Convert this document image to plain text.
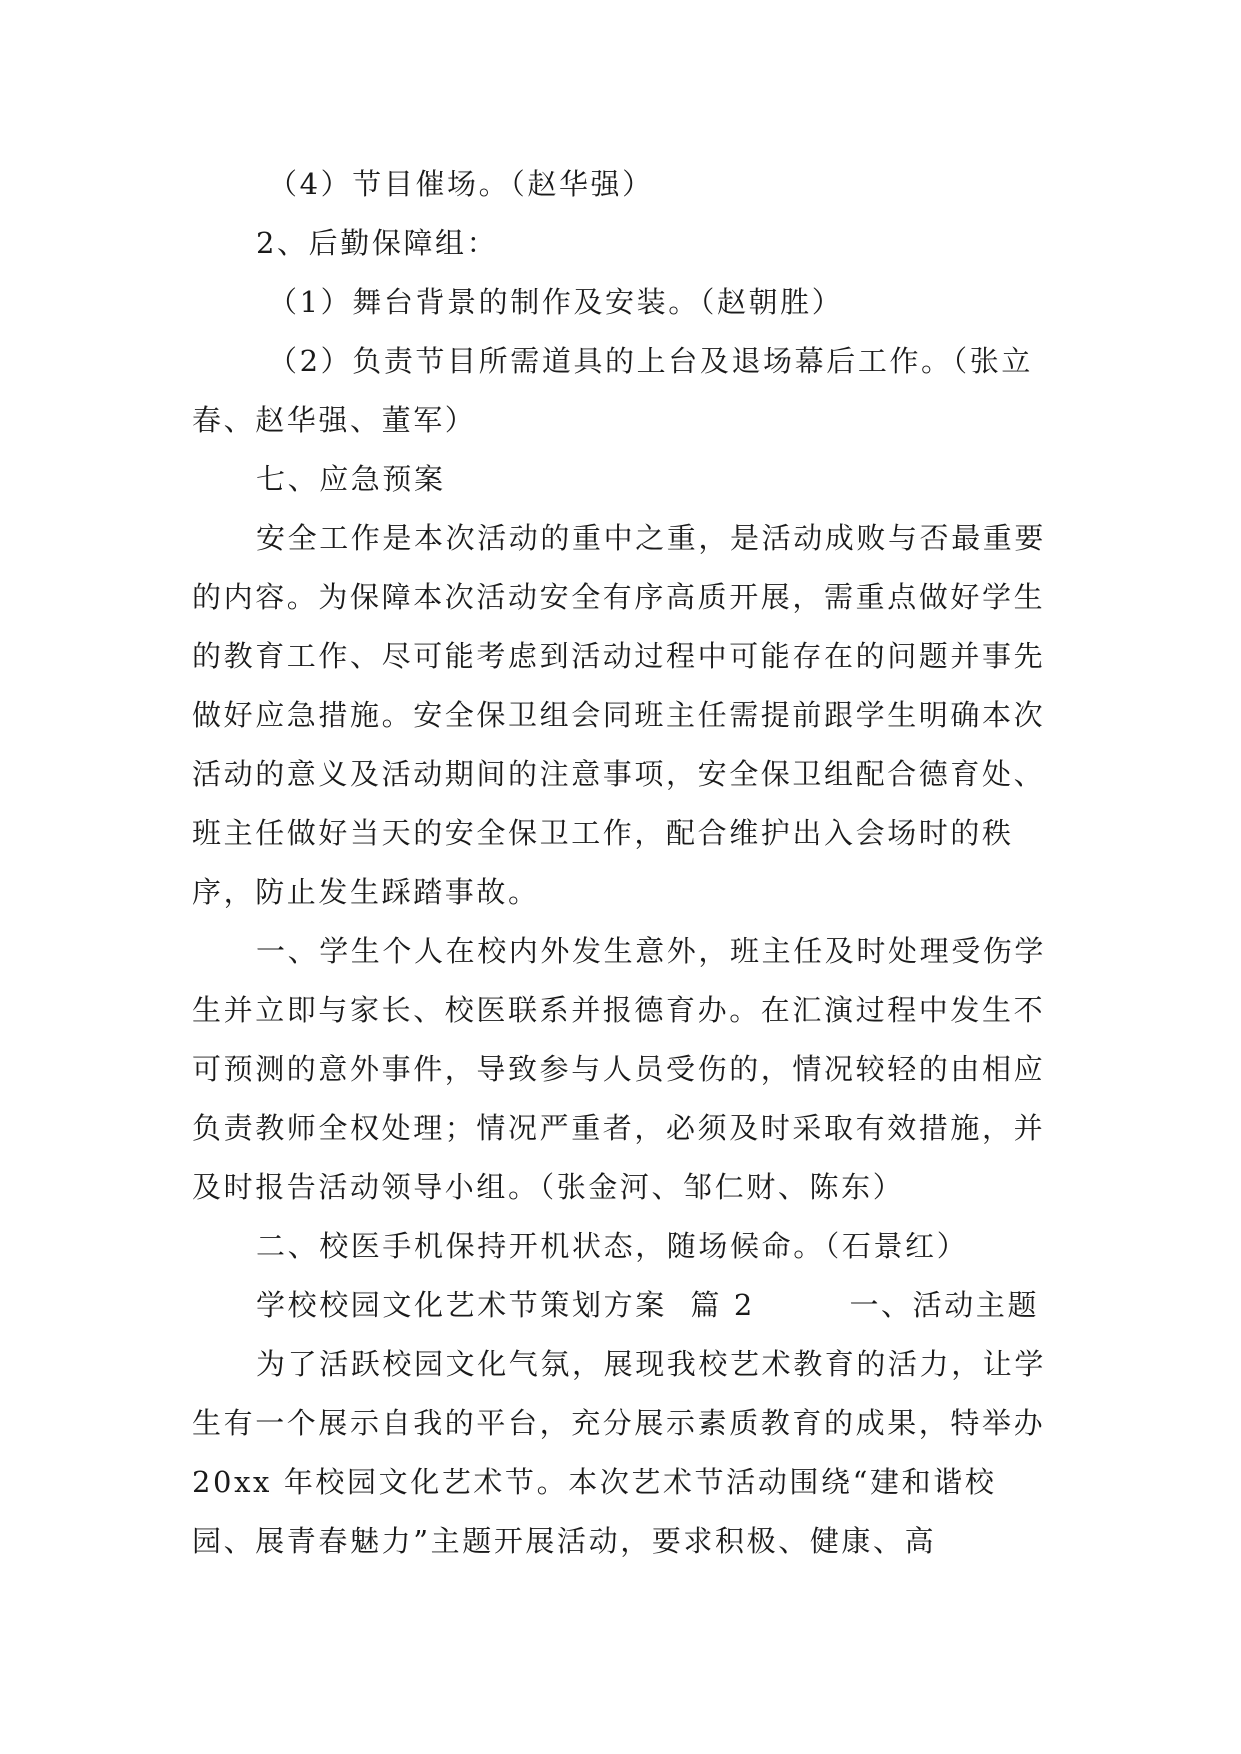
（4）节目催场。（赵华强）

2、后勤保障组：

（1）舞台背景的制作及安装。（赵朝胜）

（2）负责节目所需道具的上台及退场幕后工作。（张立春、赵华强、董军）

七、应急预案

安全工作是本次活动的重中之重，是活动成败与否最重要的内容。为保障本次活动安全有序高质开展，需重点做好学生的教育工作、尽可能考虑到活动过程中可能存在的问题并事先做好应急措施。安全保卫组会同班主任需提前跟学生明确本次活动的意义及活动期间的注意事项，安全保卫组配合德育处、班主任做好当天的安全保卫工作，配合维护出入会场时的秩序，防止发生踩踏事故。

一、学生个人在校内外发生意外，班主任及时处理受伤学生并立即与家长、校医联系并报德育办。在汇演过程中发生不可预测的意外事件，导致参与人员受伤的，情况较轻的由相应负责教师全权处理；情况严重者，必须及时采取有效措施，并及时报告活动领导小组。（张金河、邹仁财、陈东）

二、校医手机保持开机状态，随场候命。（石景红）

学校校园文化艺术节策划方案  篇 2        一、活动主题

为了活跃校园文化气氛，展现我校艺术教育的活力，让学生有一个展示自我的平台，充分展示素质教育的成果，特举办 20xx 年校园文化艺术节。本次艺术节活动围绕“建和谐校园、展青春魅力”主题开展活动，要求积极、健康、高
